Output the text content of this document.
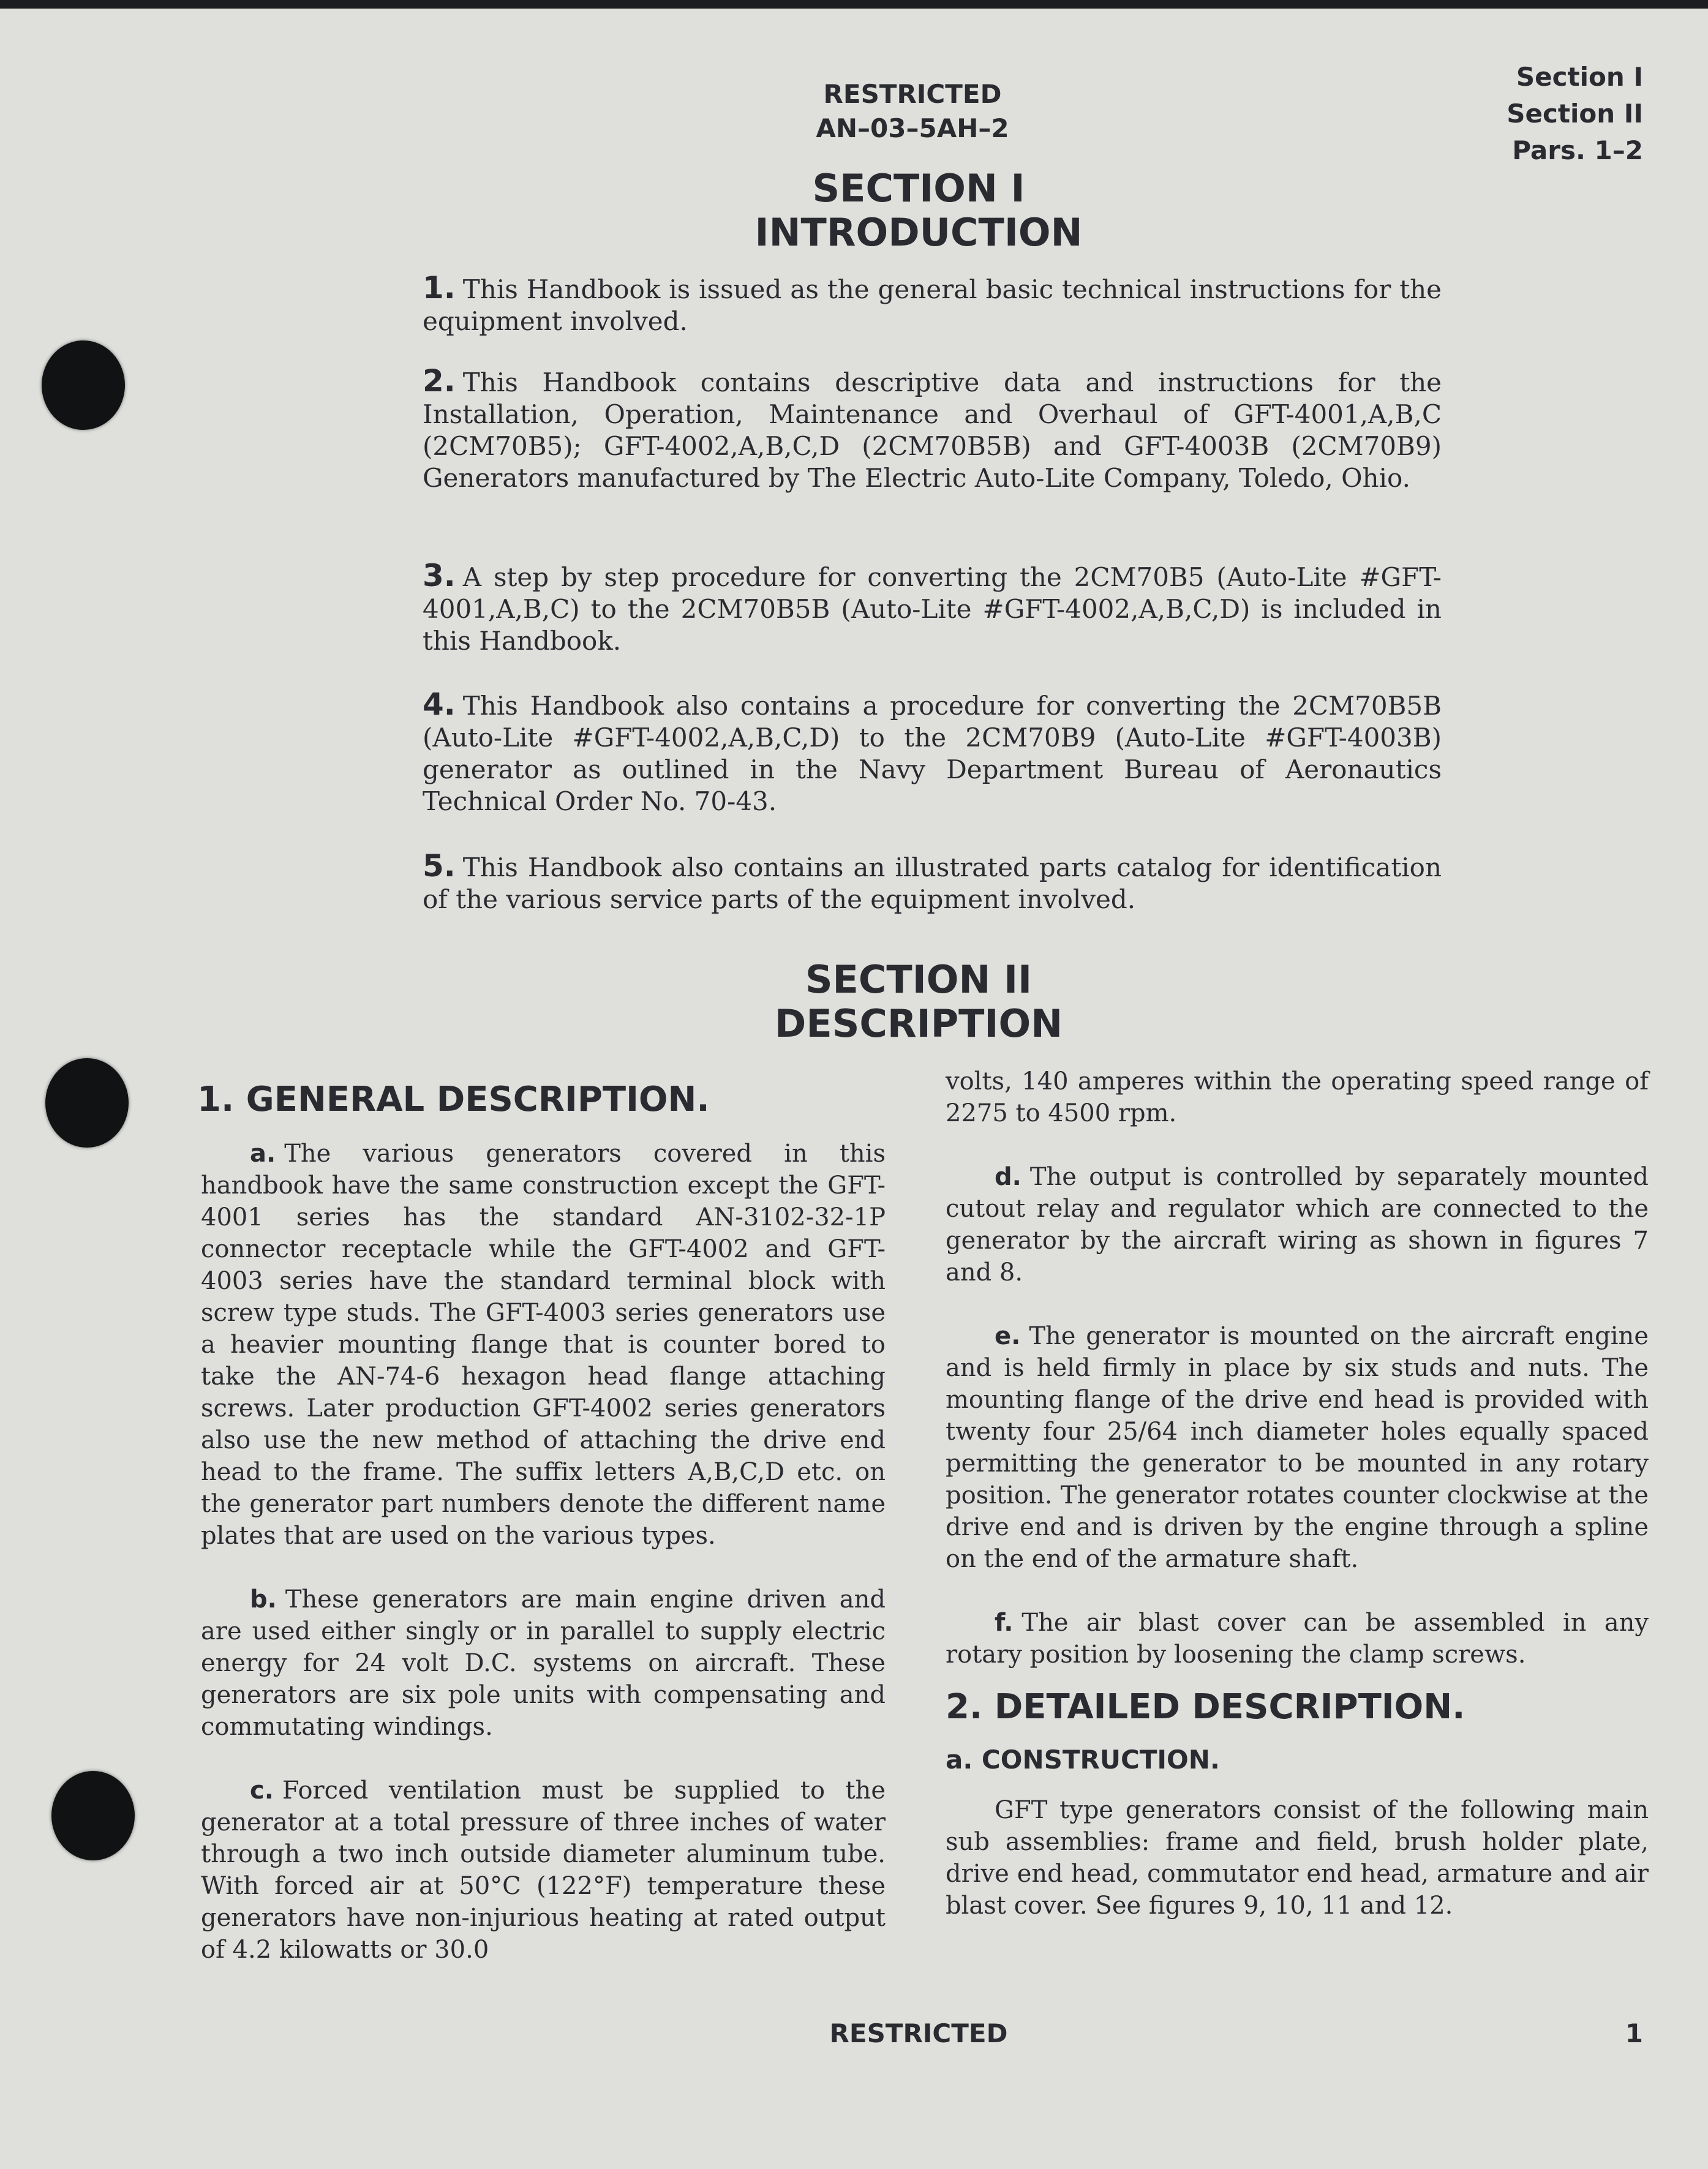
RESTRICTED
AN–03–5AH–2
Section I
Section II
Pars. 1–2
SECTION I
INTRODUCTION

1. This Handbook is issued as the general basic technical instructions for the equipment involved.

2. This Handbook contains descriptive data and instructions for the Installation, Operation, Maintenance and Overhaul of GFT-4001,A,B,C (2CM70B5); GFT-4002,A,B,C,D (2CM70B5B) and GFT-4003B (2CM70B9) Generators manufactured by The Electric Auto-Lite Company, Toledo, Ohio.

3. A step by step procedure for converting the 2CM70B5 (Auto-Lite #GFT-4001,A,B,C) to the 2CM70B5B (Auto-Lite #GFT-4002,A,B,C,D) is included in this Handbook.

4. This Handbook also contains a procedure for converting the 2CM70B5B (Auto-Lite #GFT-4002,A,B,C,D) to the 2CM70B9 (Auto-Lite #GFT-4003B) generator as outlined in the Navy Department Bureau of Aeronautics Technical Order No. 70-43.

5. This Handbook also contains an illustrated parts catalog for identification of the various service parts of the equipment involved.

SECTION II
DESCRIPTION
1. GENERAL DESCRIPTION.

a. The various generators covered in this handbook have the same construction except the GFT-4001 series has the standard AN-3102-32-1P connector receptacle while the GFT-4002 and GFT-4003 series have the standard terminal block with screw type studs. The GFT-4003 series generators use a heavier mounting flange that is counter bored to take the AN-74-6 hexagon head flange attaching screws. Later production GFT-4002 series generators also use the new method of attaching the drive end head to the frame. The suffix letters A,B,C,D etc. on the generator part numbers denote the different name plates that are used on the various types.

b. These generators are main engine driven and are used either singly or in parallel to supply electric energy for 24 volt D.C. systems on aircraft. These generators are six pole units with compensating and commutating windings.

c. Forced ventilation must be supplied to the generator at a total pressure of three inches of water through a two inch outside diameter aluminum tube. With forced air at 50°C (122°F) temperature these generators have non-injurious heating at rated output of 4.2 kilowatts or 30.0

volts, 140 amperes within the operating speed range of 2275 to 4500 rpm.

d. The output is controlled by separately mounted cutout relay and regulator which are connected to the generator by the aircraft wiring as shown in figures 7 and 8.

e. The generator is mounted on the aircraft engine and is held firmly in place by six studs and nuts. The mounting flange of the drive end head is provided with twenty four 25/64 inch diameter holes equally spaced permitting the generator to be mounted in any rotary position. The generator rotates counter clockwise at the drive end and is driven by the engine through a spline on the end of the armature shaft.

f. The air blast cover can be assembled in any rotary position by loosening the clamp screws.

2. DETAILED DESCRIPTION.
a. CONSTRUCTION.

GFT type generators consist of the following main sub assemblies: frame and field, brush holder plate, drive end head, commutator end head, armature and air blast cover. See figures 9, 10, 11 and 12.

RESTRICTED	1
